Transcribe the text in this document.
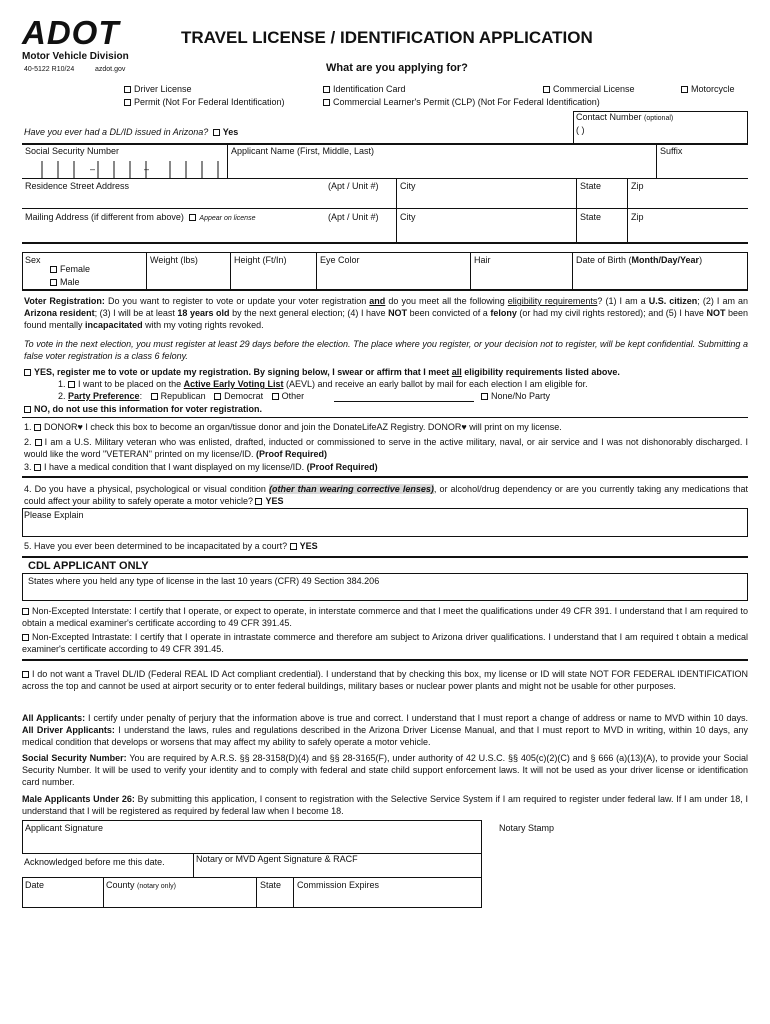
ADOT
Motor Vehicle Division
40-5122 R10/24	azdot.gov
TRAVEL LICENSE / IDENTIFICATION APPLICATION
What are you applying for?
Driver License
Permit (Not For Federal Identification)
Identification Card
Commercial Learner's Permit (CLP) (Not For Federal Identification)
Commercial License	Motorcycle
Contact Number (optional)
( )
Have you ever had a DL/ID issued in Arizona? Yes
Social Security Number
–	–
Applicant Name (First, Middle, Last)	Suffix
Residence Street Address	(Apt / Unit #) City	State	Zip
Mailing Address (if different from above) Appear on license	(Apt / Unit #) City	State	Zip
Sex
Female
Male
Weight (lbs)	Height (Ft/In)	Eye Color	Hair	Date of Birth (Month/Day/Year)
Voter Registration: Do you want to register to vote or update your voter registration and do you meet all the following eligibility requirements? (1) I am a U.S. citizen; (2) I am an Arizona resident; (3) I will be at least 18 years old by the next general election; (4) I have NOT been convicted of a felony (or had my civil rights restored); and (5) I have NOT been found mentally incapacitated with my voting rights revoked.
To vote in the next election, you must register at least 29 days before the election. The place where you register, or your decision not to register, will be kept confidential. Submitting a false voter registration is a class 6 felony.
YES, register me to vote or update my registration. By signing below, I swear or affirm that I meet all eligibility requirements listed above.
1. I want to be placed on the Active Early Voting List (AEVL) and receive an early ballot by mail for each election I am eligible for.
2. Party Preference: Republican Democrat Other	None/No Party
NO, do not use this information for voter registration.
1. DONOR♥ I check this box to become an organ/tissue donor and join the DonateLifeAZ Registry. DONOR♥ will print on my license.
2. I am a U.S. Military veteran who was enlisted, drafted, inducted or commissioned to serve in the active military, naval, or air service and I was not dishonorably discharged. I would like the word "VETERAN" printed on my license/ID. (Proof Required)
3. I have a medical condition that I want displayed on my license/ID. (Proof Required)
4. Do you have a physical, psychological or visual condition (other than wearing corrective lenses), or alcohol/drug dependency or are you currently taking any medications that could affect your ability to safely operate a motor vehicle? YES
Please Explain
5. Have you ever been determined to be incapacitated by a court? YES
CDL APPLICANT ONLY
States where you held any type of license in the last 10 years (CFR) 49 Section 384.206
Non-Excepted Interstate: I certify that I operate, or expect to operate, in interstate commerce and that I meet the qualifications under 49 CFR 391. I understand that I am required to obtain a medical examiner's certificate according to 49 CFR 391.45.
Non-Excepted Intrastate: I certify that I operate in intrastate commerce and therefore am subject to Arizona driver qualifications. I understand that I am required t obtain a medical examiner's certificate according to 49 CFR 391.45.
I do not want a Travel DL/ID (Federal REAL ID Act compliant credential). I understand that by checking this box, my license or ID will state NOT FOR FEDERAL IDENTIFICATION across the top and cannot be used at airport security or to enter federal buildings, military bases or nuclear power plants and might not be usable for other purposes.
All Applicants: I certify under penalty of perjury that the information above is true and correct. I understand that I must report a change of address or name to MVD within 10 days. All Driver Applicants: I understand the laws, rules and regulations described in the Arizona Driver License Manual, and that I must report to MVD in writing, within 10 days, any medical condition that develops or worsens that may affect my ability to safely operate a motor vehicle.
Social Security Number: You are required by A.R.S. §§ 28-3158(D)(4) and §§ 28-3165(F), under authority of 42 U.S.C. §§ 405(c)(2)(C) and § 666 (a)(13)(A), to provide your Social Security Number. It will be used to verify your identity and to comply with federal and state child support enforcement laws. It will not be used as your driver license or identification card number.
Male Applicants Under 26: By submitting this application, I consent to registration with the Selective Service System if I am required to register under federal law. If I am under 18, I understand that I will be registered as required by federal law when I become 18.
Applicant Signature	Notary Stamp
Acknowledged before me this date.	Notary or MVD Agent Signature & RACF
Date	County (notary only)	State Commission Expires
